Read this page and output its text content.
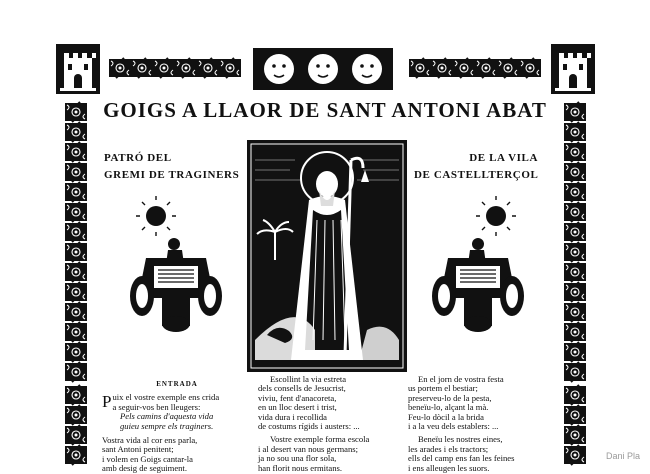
GOIGS A LLAOR DE SANT ANTONI ABAT
PATRÓ DEL
GREMI DE TRAGINERS
DE LA VILA
DE CASTELLTERÇOL
ENTRADA
P uix el vostre exemple ens crida
a seguir-vos ben lleugers:
Pels camins d'aquesta vida
guieu sempre els traginers.
Vostra vida al cor ens parla,
sant Antoni penitent;
i volem en Goigs cantar-la
amb desig de seguiment.
Escollint la via estreta
dels consells de Jesucrist,
viviu, fent d'anacoreta,
en un lloc desert i trist,
vida dura i recollida
de costums rígids i austers: ...
Vostre exemple forma escola
i al desert van nous germans;
ja no sou una flor sola,
han florit nous ermitans.
En el jorn de vostra festa
us portem el bestiar;
preserveu-lo de la pesta,
beneïu-lo, alçant la mà.
Feu-lo dòcil a la brida
i a la veu dels establers: ...
Beneïu les nostres eines,
les arades i els tractors;
ells del camp ens fan les feines
i ens alleugen les suors.
Dani Pla
